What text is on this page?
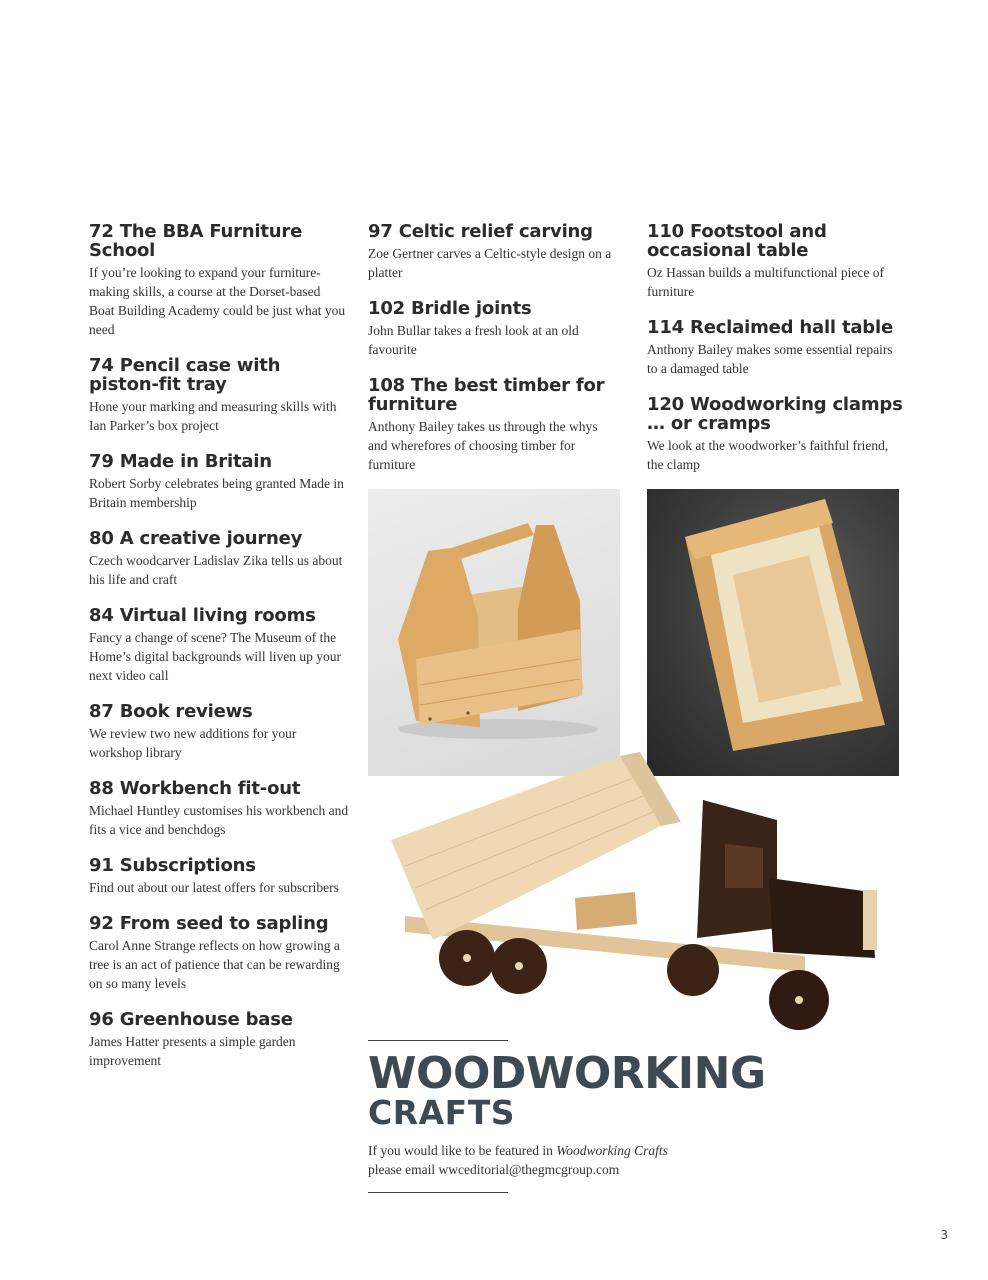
72 The BBA Furniture School

If you’re looking to expand your furniture-making skills, a course at the Dorset-based Boat Building Academy could be just what you need

74 Pencil case with piston-fit tray

Hone your marking and measuring skills with Ian Parker’s box project

79 Made in Britain

Robert Sorby celebrates being granted Made in Britain membership

80 A creative journey

Czech woodcarver Ladislav Zika tells us about his life and craft

84 Virtual living rooms

Fancy a change of scene? The Museum of the Home’s digital backgrounds will liven up your next video call

87 Book reviews

We review two new additions for your workshop library

88 Workbench fit-out

Michael Huntley customises his workbench and fits a vice and benchdogs

91 Subscriptions

Find out about our latest offers for subscribers

92 From seed to sapling

Carol Anne Strange reflects on how growing a tree is an act of patience that can be rewarding on so many levels

96 Greenhouse base

James Hatter presents a simple garden improvement

97 Celtic relief carving

Zoe Gertner carves a Celtic-style design on a platter

102 Bridle joints

John Bullar takes a fresh look at an old favourite

108 The best timber for furniture

Anthony Bailey takes us through the whys and wherefores of choosing timber for furniture

110 Footstool and occasional table

Oz Hassan builds a multifunctional piece of furniture

114 Reclaimed hall table

Anthony Bailey makes some essential repairs to a damaged table

120 Woodworking clamps … or cramps

We look at the woodworker’s faithful friend, the clamp

WOODWORKING
CRAFTS

If you would like to be featured in Woodworking Crafts
please email wwceditorial@thegmcgroup.com

3
